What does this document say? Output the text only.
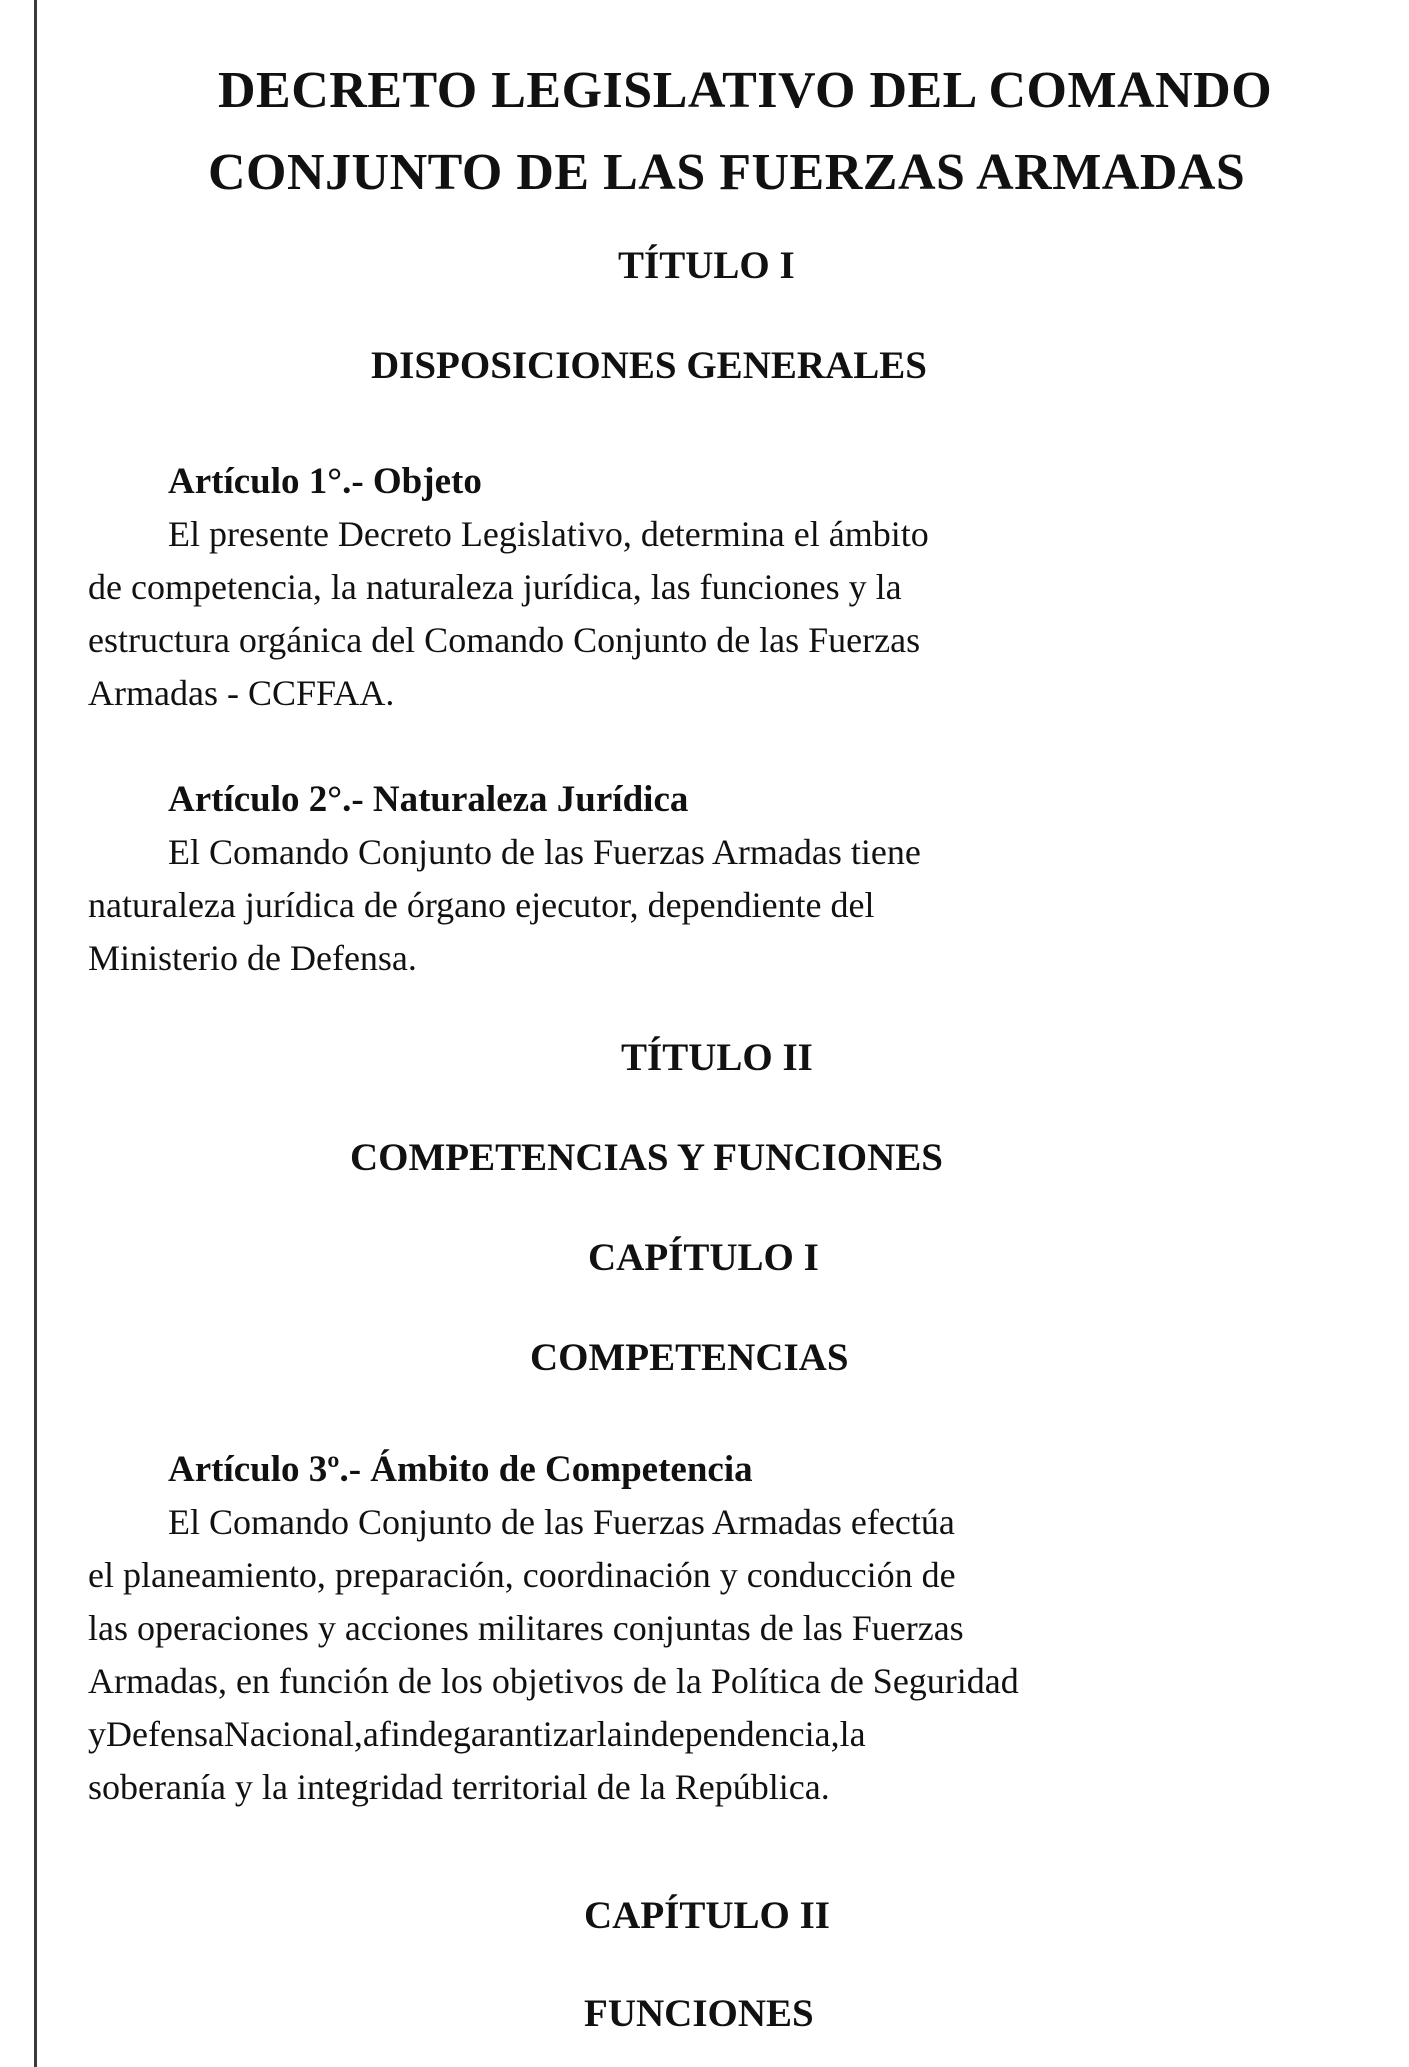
DECRETO LEGISLATIVO DEL COMANDO
CONJUNTO DE LAS FUERZAS ARMADAS
TÍTULO I
DISPOSICIONES GENERALES

Artículo 1°.- Objeto

El presente Decreto Legislativo, determina el ámbito
de competencia, la naturaleza jurídica, las funciones y la
estructura orgánica del Comando Conjunto de las Fuerzas
Armadas - CCFFAA.

Artículo 2°.- Naturaleza Jurídica

El Comando Conjunto de las Fuerzas Armadas tiene
naturaleza jurídica de órgano ejecutor, dependiente del
Ministerio de Defensa.

TÍTULO II
COMPETENCIAS Y FUNCIONES
CAPÍTULO I
COMPETENCIAS

Artículo 3º.- Ámbito de Competencia

El Comando Conjunto de las Fuerzas Armadas efectúa
el planeamiento, preparación, coordinación y conducción de
las operaciones y acciones militares conjuntas de las Fuerzas
Armadas, en función de los objetivos de la Política de Seguridad
yDefensaNacional,afindegarantizarlaindependencia,la
soberanía y la integridad territorial de la República.

CAPÍTULO II
FUNCIONES
